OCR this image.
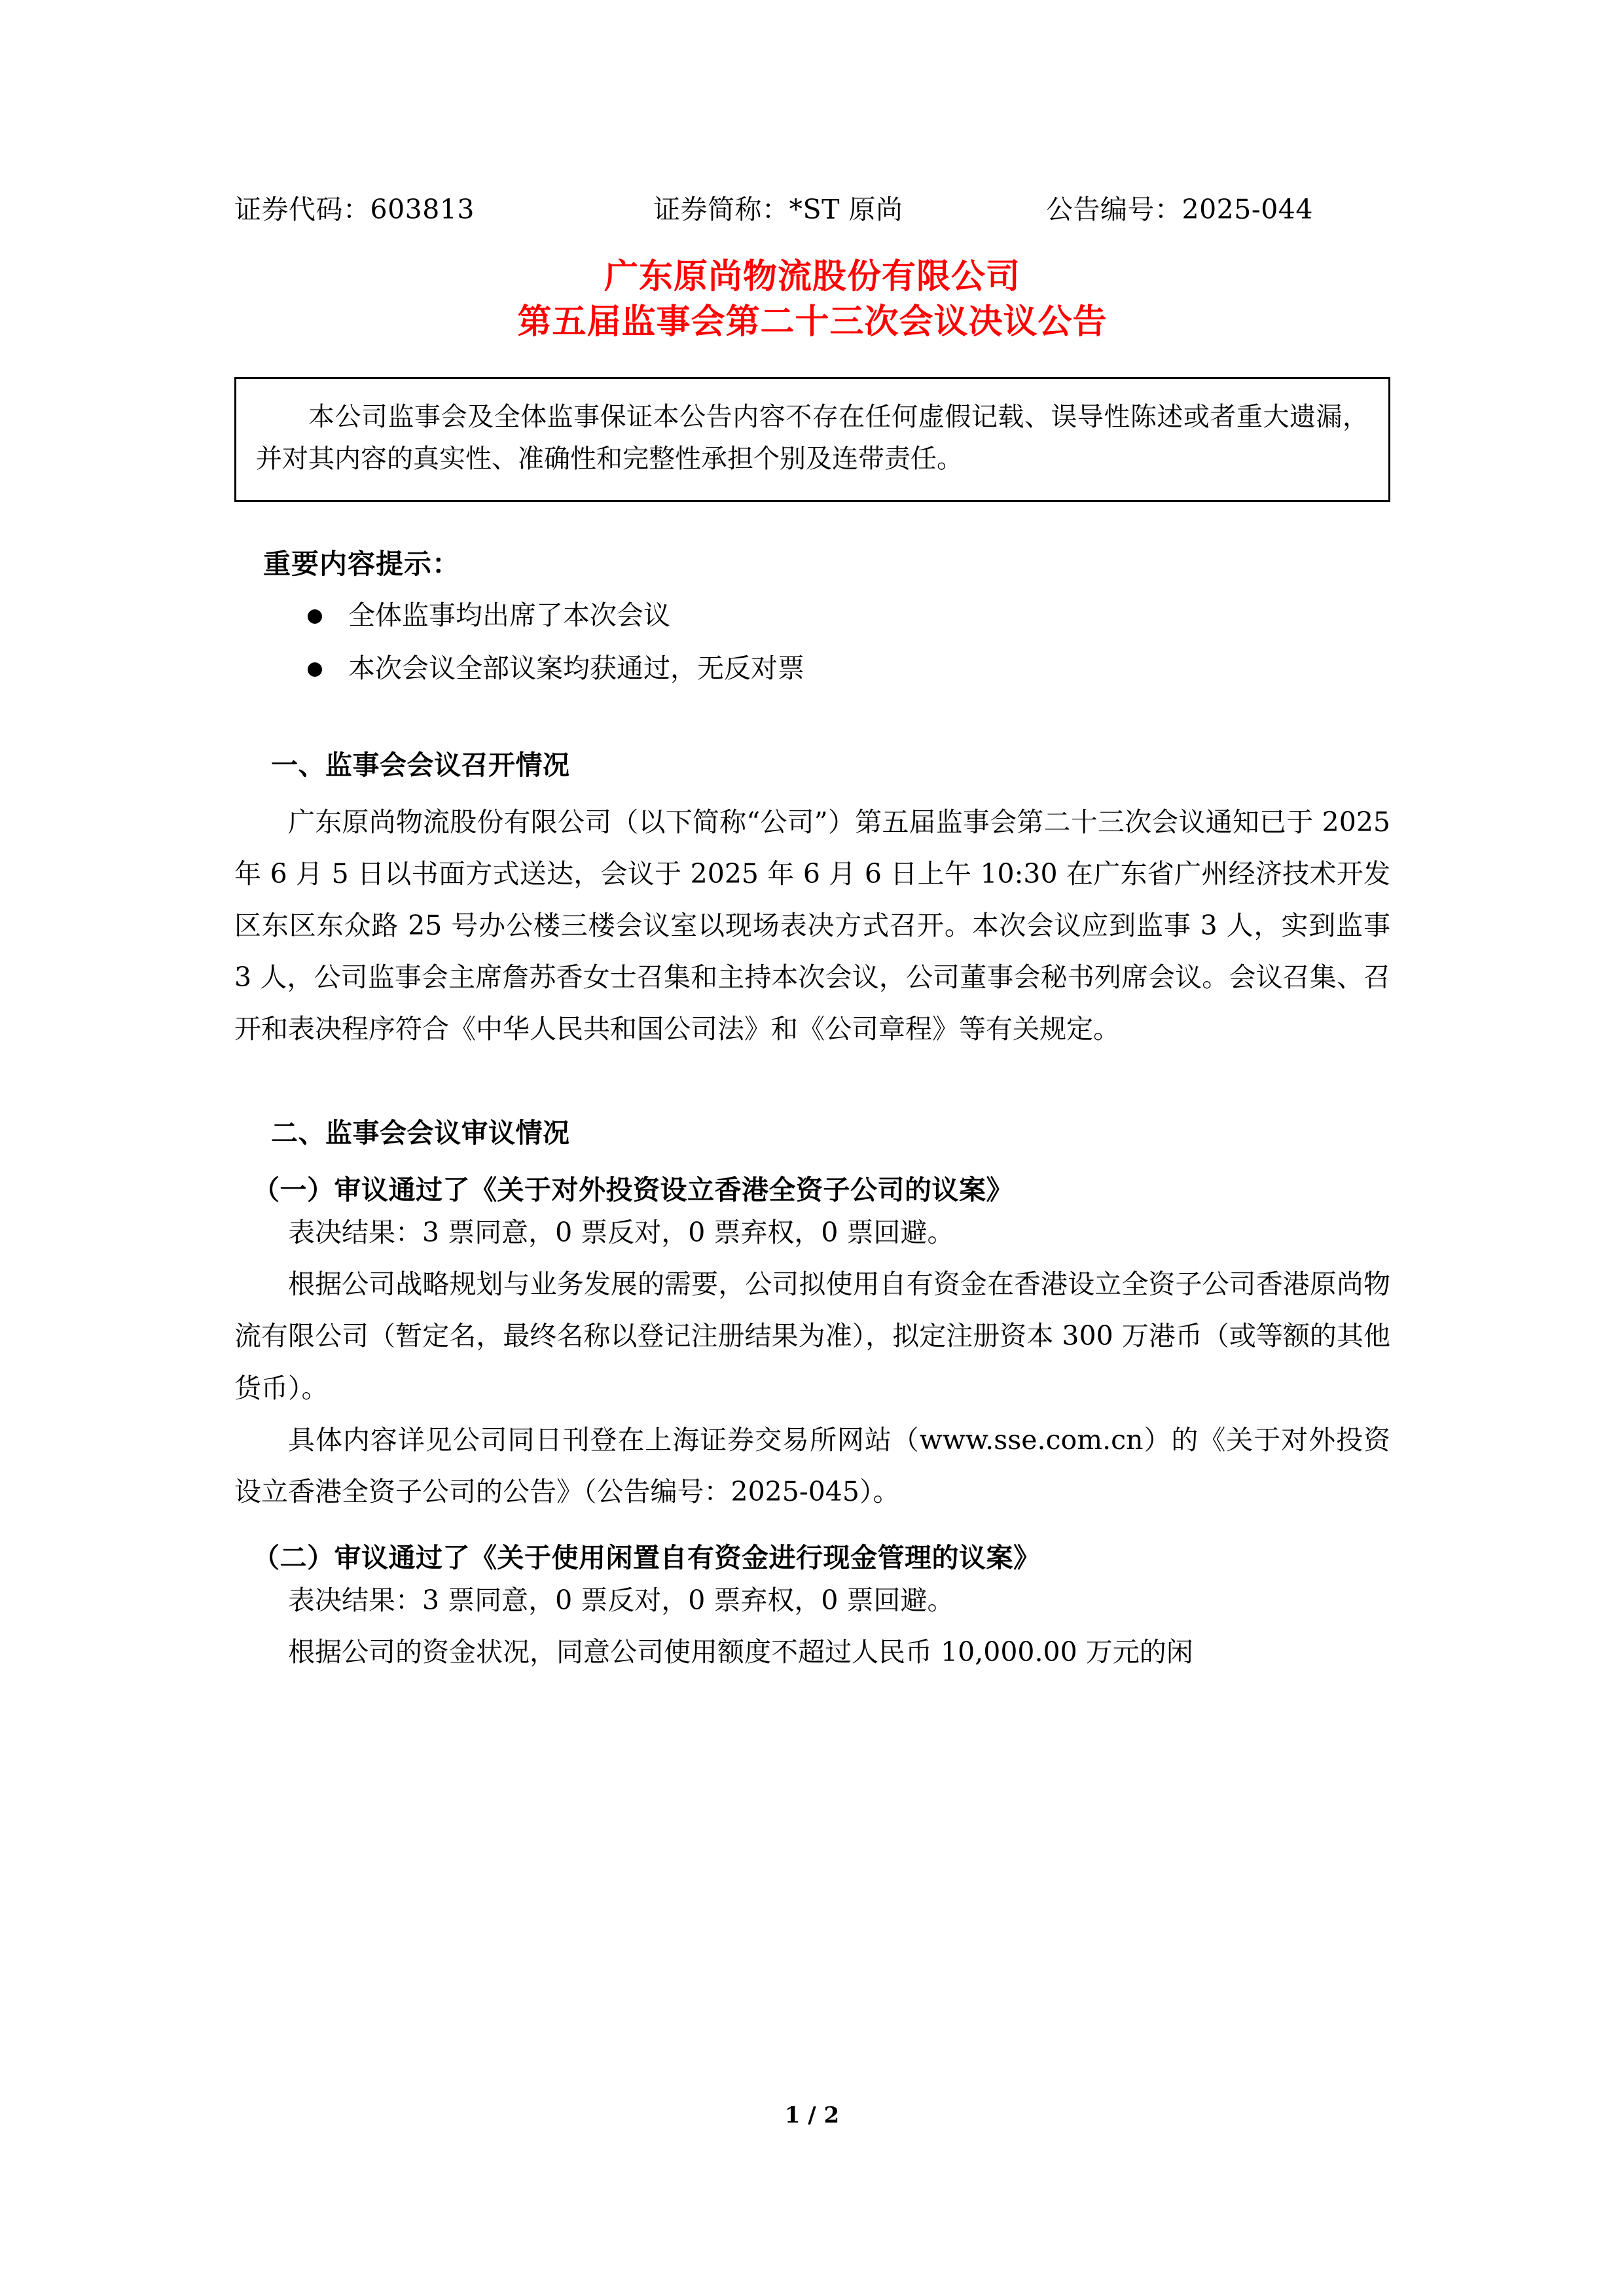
证券代码：603813	证券简称：*ST 原尚	公告编号：2025-044
广东原尚物流股份有限公司
第五届监事会第二十三次会议决议公告

本公司监事会及全体监事保证本公告内容不存在任何虚假记载、误导性陈述或者重大遗漏，并对其内容的真实性、准确性和完整性承担个别及连带责任。

重要内容提示：
全体监事均出席了本次会议
本次会议全部议案均获通过，无反对票
一、监事会会议召开情况

广东原尚物流股份有限公司（以下简称“公司”）第五届监事会第二十三次会议通知已于 2025 年 6 月 5 日以书面方式送达，会议于 2025 年 6 月 6 日上午 10:30 在广东省广州经济技术开发区东区东众路 25 号办公楼三楼会议室以现场表决方式召开。本次会议应到监事 3 人，实到监事 3 人，公司监事会主席詹苏香女士召集和主持本次会议，公司董事会秘书列席会议。会议召集、召开和表决程序符合《中华人民共和国公司法》和《公司章程》等有关规定。

二、监事会会议审议情况
（一）审议通过了《关于对外投资设立香港全资子公司的议案》

表决结果：3 票同意，0 票反对，0 票弃权，0 票回避。

根据公司战略规划与业务发展的需要，公司拟使用自有资金在香港设立全资子公司香港原尚物流有限公司（暂定名，最终名称以登记注册结果为准），拟定注册资本 300 万港币（或等额的其他货币）。

具体内容详见公司同日刊登在上海证券交易所网站（www.sse.com.cn）的《关于对外投资设立香港全资子公司的公告》（公告编号：2025-045）。

（二）审议通过了《关于使用闲置自有资金进行现金管理的议案》

表决结果：3 票同意，0 票反对，0 票弃权，0 票回避。

根据公司的资金状况，同意公司使用额度不超过人民币 10,000.00 万元的闲

1 / 2
